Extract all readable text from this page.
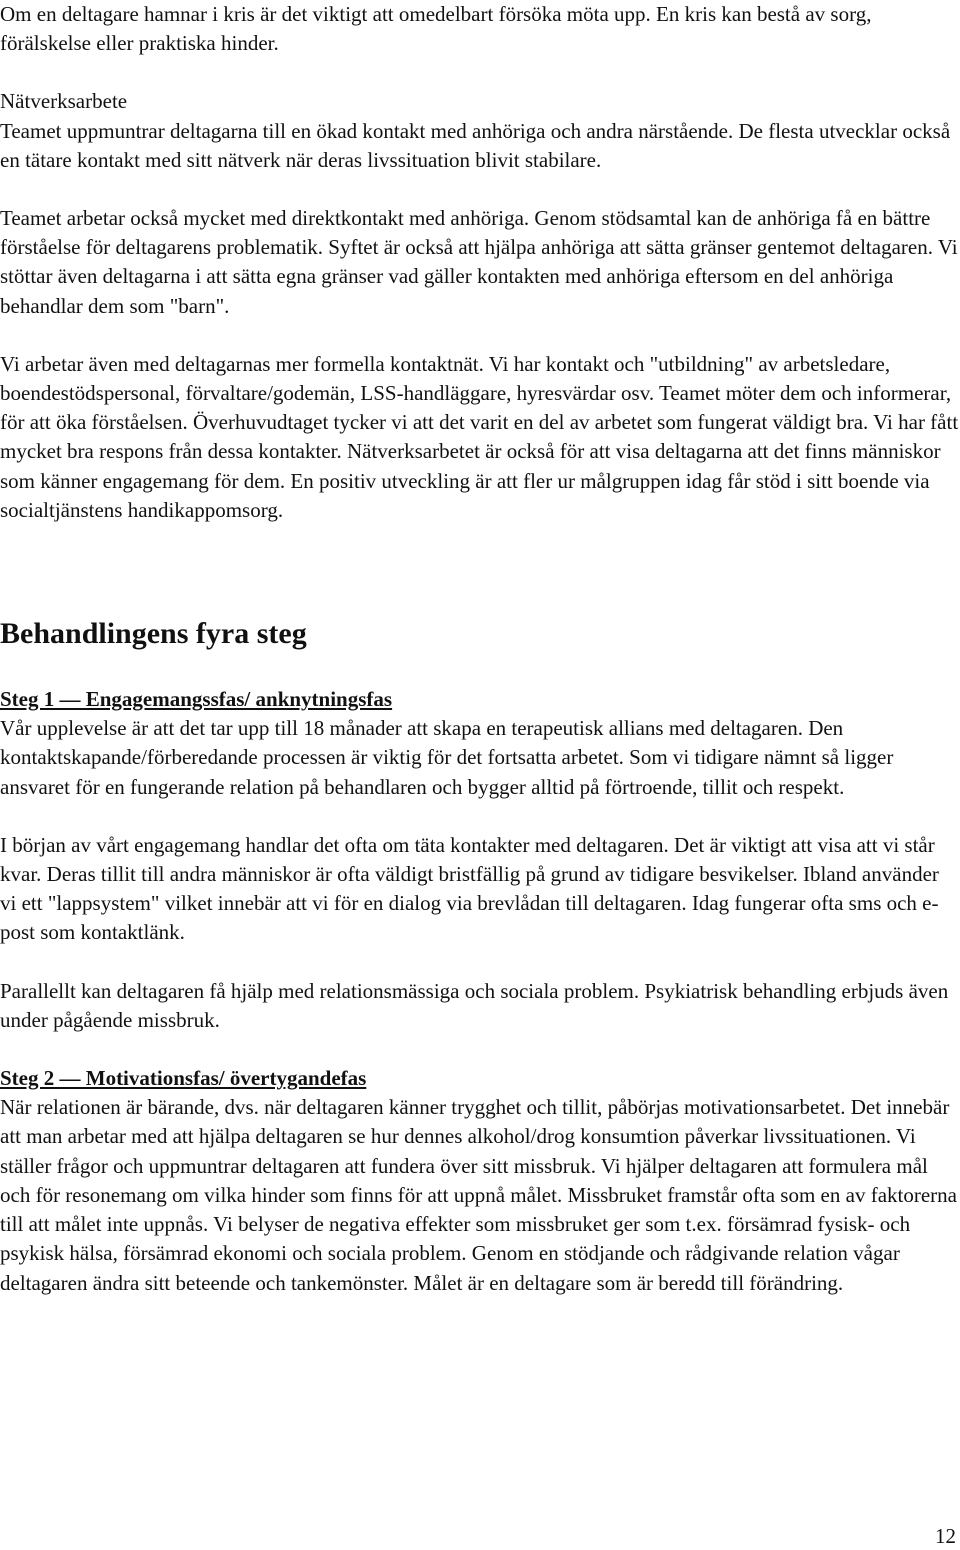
Om en deltagare hamnar i kris är det viktigt att omedelbart försöka möta upp. En kris kan bestå av sorg, förälskelse eller praktiska hinder.

Nätverksarbete

Teamet uppmuntrar deltagarna till en ökad kontakt med anhöriga och andra närstående. De flesta utvecklar också en tätare kontakt med sitt nätverk när deras livssituation blivit stabilare.

Teamet arbetar också mycket med direktkontakt med anhöriga. Genom stödsamtal kan de anhöriga få en bättre förståelse för deltagarens problematik. Syftet är också att hjälpa anhöriga att sätta gränser gentemot deltagaren. Vi stöttar även deltagarna i att sätta egna gränser vad gäller kontakten med anhöriga eftersom en del anhöriga behandlar dem som "barn".

Vi arbetar även med deltagarnas mer formella kontaktnät. Vi har kontakt och "utbildning" av arbetsledare, boendestödspersonal, förvaltare/godemän, LSS-handläggare, hyresvärdar osv. Teamet möter dem och informerar, för att öka förståelsen. Överhuvudtaget tycker vi att det varit en del av arbetet som fungerat väldigt bra. Vi har fått mycket bra respons från dessa kontakter. Nätverksarbetet är också för att visa deltagarna att det finns människor som känner engagemang för dem. En positiv utveckling är att fler ur målgruppen idag får stöd i sitt boende via socialtjänstens handikappomsorg.

Behandlingens fyra steg
Steg 1 — Engagemangssfas/ anknytningsfas

Vår upplevelse är att det tar upp till 18 månader att skapa en terapeutisk allians med deltagaren. Den kontaktskapande/förberedande processen är viktig för det fortsatta arbetet. Som vi tidigare nämnt så ligger ansvaret för en fungerande relation på behandlaren och bygger alltid på förtroende, tillit och respekt.

I början av vårt engagemang handlar det ofta om täta kontakter med deltagaren. Det är viktigt att visa att vi står kvar. Deras tillit till andra människor är ofta väldigt bristfällig på grund av tidigare besvikelser. Ibland använder vi ett "lappsystem" vilket innebär att vi för en dialog via brevlådan till deltagaren. Idag fungerar ofta sms och e-post som kontaktlänk.

Parallellt kan deltagaren få hjälp med relationsmässiga och sociala problem. Psykiatrisk behandling erbjuds även under pågående missbruk.

Steg 2 — Motivationsfas/ övertygandefas

När relationen är bärande, dvs. när deltagaren känner trygghet och tillit, påbörjas motivationsarbetet. Det innebär att man arbetar med att hjälpa deltagaren se hur dennes alkohol/drog konsumtion påverkar livssituationen. Vi ställer frågor och uppmuntrar deltagaren att fundera över sitt missbruk. Vi hjälper deltagaren att formulera mål och för resonemang om vilka hinder som finns för att uppnå målet. Missbruket framstår ofta som en av faktorerna till att målet inte uppnås. Vi belyser de negativa effekter som missbruket ger som t.ex. försämrad fysisk- och psykisk hälsa, försämrad ekonomi och sociala problem. Genom en stödjande och rådgivande relation vågar deltagaren ändra sitt beteende och tankemönster. Målet är en deltagare som är beredd till förändring.

12
